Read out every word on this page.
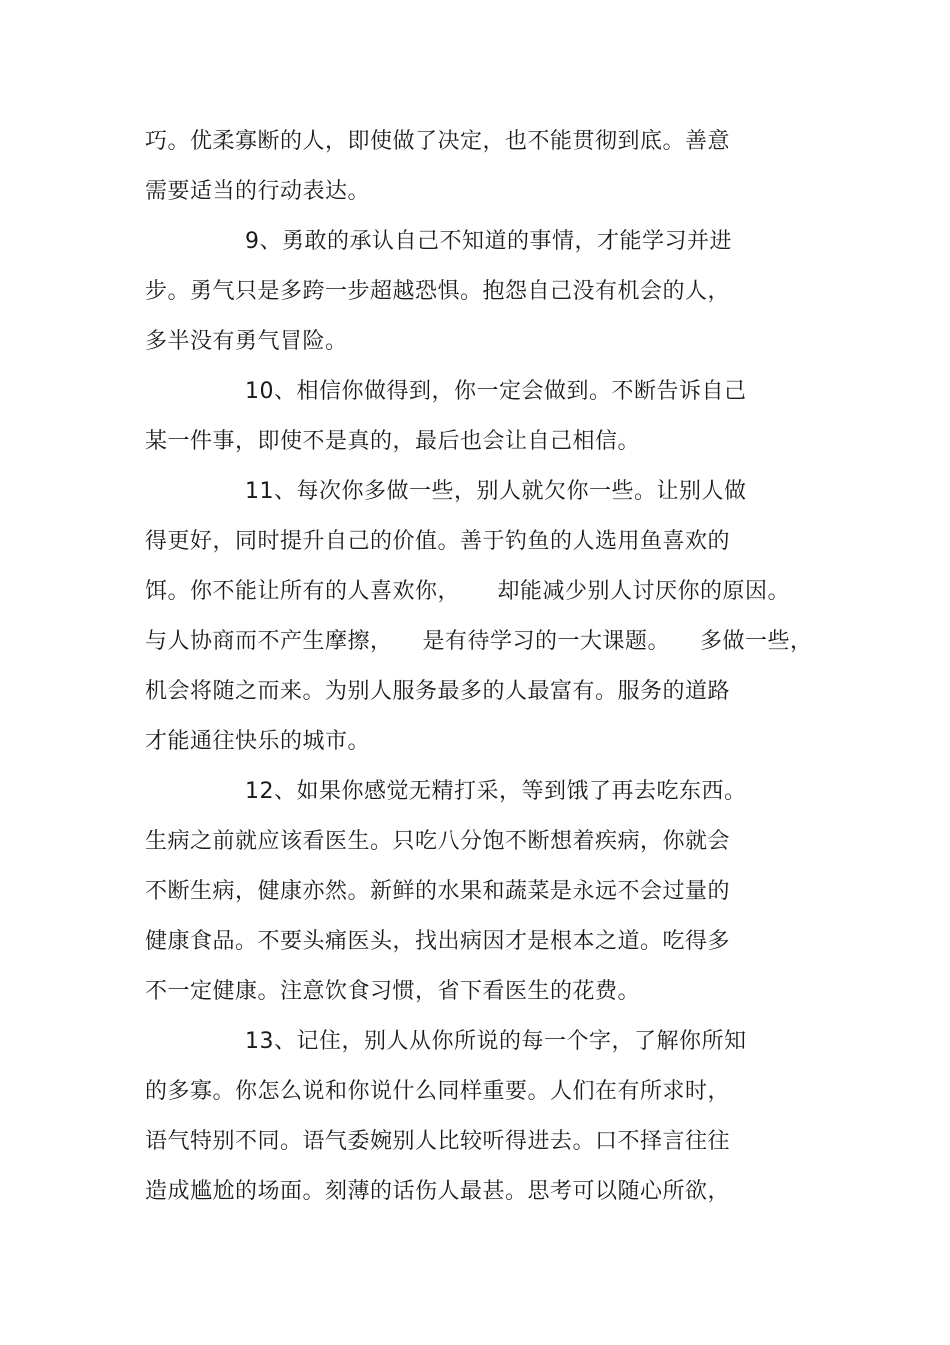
巧。优柔寡断的人，即使做了决定，也不能贯彻到底。善意
需要适当的行动表达。
9、勇敢的承认自己不知道的事情，才能学习并进
步。勇气只是多跨一步超越恐惧。抱怨自己没有机会的人，
多半没有勇气冒险。
10、相信你做得到，你一定会做到。不断告诉自己
某一件事，即使不是真的，最后也会让自己相信。
11、每次你多做一些，别人就欠你一些。让别人做
得更好，同时提升自己的价值。善于钓鱼的人选用鱼喜欢的
饵。你不能让所有的人喜欢你，     却能减少别人讨厌你的原因。
与人协商而不产生摩擦，    是有待学习的一大课题。    多做一些，
机会将随之而来。为别人服务最多的人最富有。服务的道路
才能通往快乐的城市。
12、如果你感觉无精打采，等到饿了再去吃东西。
生病之前就应该看医生。只吃八分饱不断想着疾病，你就会
不断生病，健康亦然。新鲜的水果和蔬菜是永远不会过量的
健康食品。不要头痛医头，找出病因才是根本之道。吃得多
不一定健康。注意饮食习惯，省下看医生的花费。
13、记住，别人从你所说的每一个字，了解你所知
的多寡。你怎么说和你说什么同样重要。人们在有所求时，
语气特别不同。语气委婉别人比较听得进去。口不择言往往
造成尴尬的场面。刻薄的话伤人最甚。思考可以随心所欲，
